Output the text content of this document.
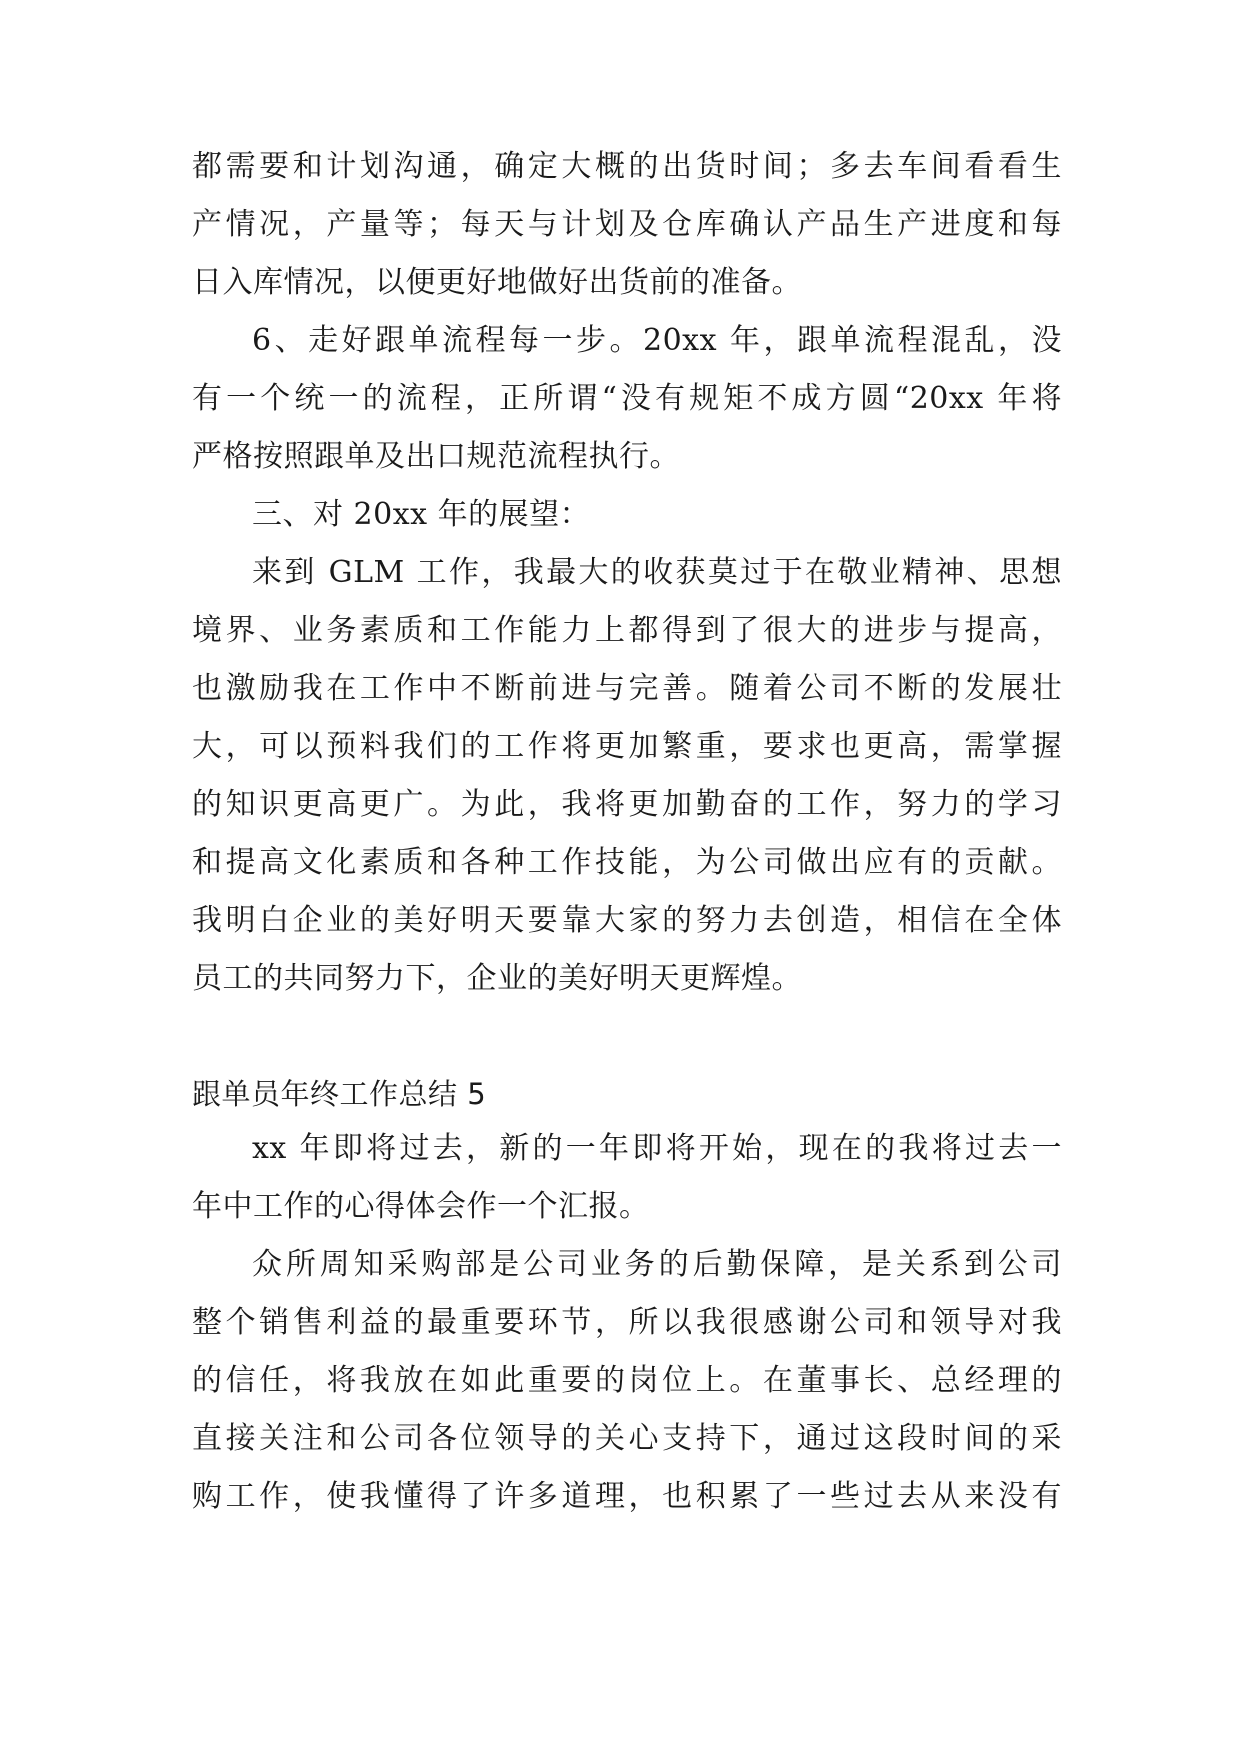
都需要和计划沟通，确定大概的出货时间；多去车间看看生
产情况，产量等；每天与计划及仓库确认产品生产进度和每
日入库情况，以便更好地做好出货前的准备。
6、走好跟单流程每一步。20xx 年，跟单流程混乱，没
有一个统一的流程，正所谓“没有规矩不成方圆“20xx 年将
严格按照跟单及出口规范流程执行。
三、对 20xx 年的展望：
来到 GLM 工作，我最大的收获莫过于在敬业精神、思想
境界、业务素质和工作能力上都得到了很大的进步与提高，
也激励我在工作中不断前进与完善。随着公司不断的发展壮
大，可以预料我们的工作将更加繁重，要求也更高，需掌握
的知识更高更广。为此，我将更加勤奋的工作，努力的学习
和提高文化素质和各种工作技能，为公司做出应有的贡献。
我明白企业的美好明天要靠大家的努力去创造，相信在全体
员工的共同努力下，企业的美好明天更辉煌。
跟单员年终工作总结 5
xx 年即将过去，新的一年即将开始，现在的我将过去一
年中工作的心得体会作一个汇报。
众所周知采购部是公司业务的后勤保障，是关系到公司
整个销售利益的最重要环节，所以我很感谢公司和领导对我
的信任，将我放在如此重要的岗位上。在董事长、总经理的
直接关注和公司各位领导的关心支持下，通过这段时间的采
购工作，使我懂得了许多道理，也积累了一些过去从来没有
